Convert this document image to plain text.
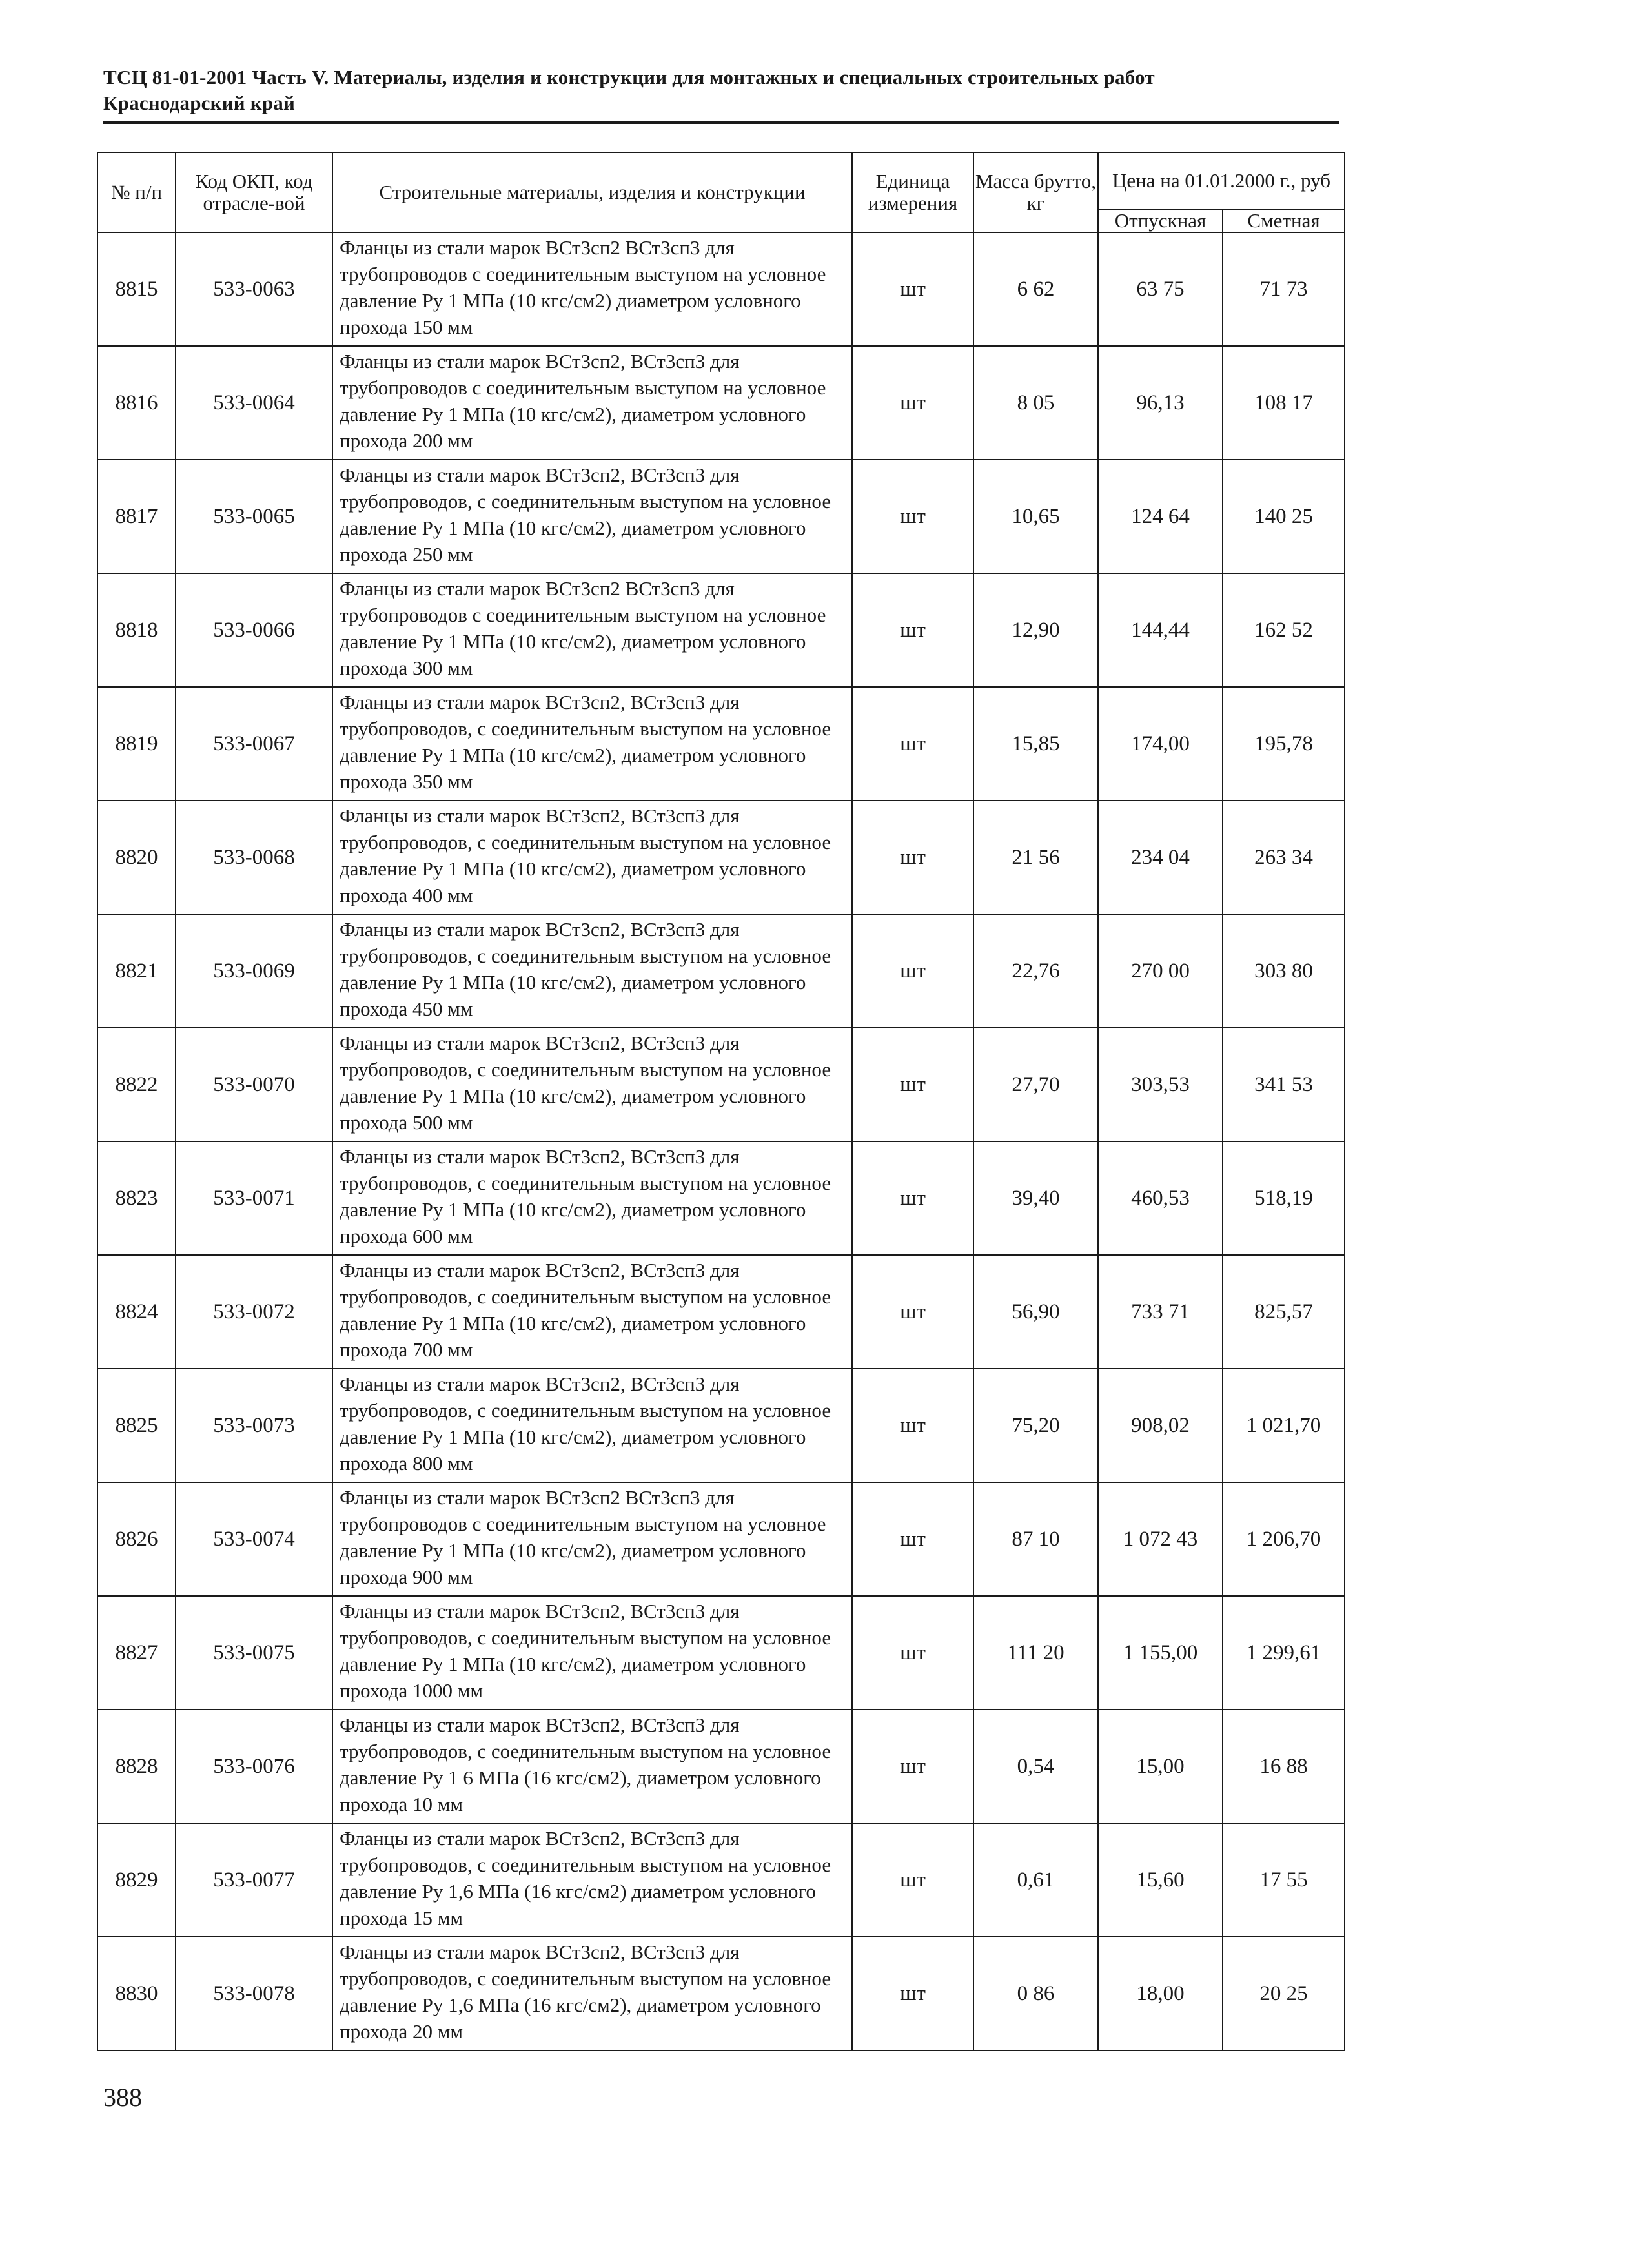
ТСЦ 81-01-2001 Часть V. Материалы, изделия и конструкции для монтажных и специальных строительных работ
Краснодарский край
№ п/п	Код ОКП, код отрасле-вой	Строительные материалы, изделия и конструкции	Единица измерения	Масса брутто, кг	Цена на 01.01.2000 г., руб	
					Отпускная	Сметная
8815	533-0063	Фланцы из стали марок ВСт3сп2 ВСт3сп3 для трубопроводов с соединительным выступом на условное давление Ру 1 МПа (10 кгс/см2) диаметром условного прохода 150 мм	шт	6 62	63 75	71 73
8816	533-0064	Фланцы из стали марок ВСт3сп2, ВСт3сп3 для трубопроводов с соединительным выступом на условное давление Ру 1 МПа (10 кгс/см2), диаметром условного прохода 200 мм	шт	8 05	96,13	108 17
8817	533-0065	Фланцы из стали марок ВСт3сп2, ВСт3сп3 для трубопроводов, с соединительным выступом на условное давление Ру 1 МПа (10 кгс/см2), диаметром условного прохода 250 мм	шт	10,65	124 64	140 25
8818	533-0066	Фланцы из стали марок ВСт3сп2 ВСт3сп3 для трубопроводов с соединительным выступом на условное давление Ру 1 МПа (10 кгс/см2), диаметром условного прохода 300 мм	шт	12,90	144,44	162 52
8819	533-0067	Фланцы из стали марок ВСт3сп2, ВСт3сп3 для трубопроводов, с соединительным выступом на условное давление Ру 1 МПа (10 кгс/см2), диаметром условного прохода 350 мм	шт	15,85	174,00	195,78
8820	533-0068	Фланцы из стали марок ВСт3сп2, ВСт3сп3 для трубопроводов, с соединительным выступом на условное давление Ру 1 МПа (10 кгс/см2), диаметром условного прохода 400 мм	шт	21 56	234 04	263 34
8821	533-0069	Фланцы из стали марок ВСт3сп2, ВСт3сп3 для трубопроводов, с соединительным выступом на условное давление Ру 1 МПа (10 кгс/см2), диаметром условного прохода 450 мм	шт	22,76	270 00	303 80
8822	533-0070	Фланцы из стали марок ВСт3сп2, ВСт3сп3 для трубопроводов, с соединительным выступом на условное давление Ру 1 МПа (10 кгс/см2), диаметром условного прохода 500 мм	шт	27,70	303,53	341 53
8823	533-0071	Фланцы из стали марок ВСт3сп2, ВСт3сп3 для трубопроводов, с соединительным выступом на условное давление Ру 1 МПа (10 кгс/см2), диаметром условного прохода 600 мм	шт	39,40	460,53	518,19
8824	533-0072	Фланцы из стали марок ВСт3сп2, ВСт3сп3 для трубопроводов, с соединительным выступом на условное давление Ру 1 МПа (10 кгс/см2), диаметром условного прохода 700 мм	шт	56,90	733 71	825,57
8825	533-0073	Фланцы из стали марок ВСт3сп2, ВСт3сп3 для трубопроводов, с соединительным выступом на условное давление Ру 1 МПа (10 кгс/см2), диаметром условного прохода 800 мм	шт	75,20	908,02	1 021,70
8826	533-0074	Фланцы из стали марок ВСт3сп2 ВСт3сп3 для трубопроводов с соединительным выступом на условное давление Ру 1 МПа (10 кгс/см2), диаметром условного прохода 900 мм	шт	87 10	1 072 43	1 206,70
8827	533-0075	Фланцы из стали марок ВСт3сп2, ВСт3сп3 для трубопроводов, с соединительным выступом на условное давление Ру 1 МПа (10 кгс/см2), диаметром условного прохода 1000 мм	шт	111 20	1 155,00	1 299,61
8828	533-0076	Фланцы из стали марок ВСт3сп2, ВСт3сп3 для трубопроводов, с соединительным выступом на условное давление Ру 1 6 МПа (16 кгс/см2), диаметром условного прохода 10 мм	шт	0,54	15,00	16 88
8829	533-0077	Фланцы из стали марок ВСт3сп2, ВСт3сп3 для трубопроводов, с соединительным выступом на условное давление Ру 1,6 МПа (16 кгс/см2) диаметром условного прохода 15 мм	шт	0,61	15,60	17 55
8830	533-0078	Фланцы из стали марок ВСт3сп2, ВСт3сп3 для трубопроводов, с соединительным выступом на условное давление Ру 1,6 МПа (16 кгс/см2), диаметром условного прохода 20 мм	шт	0 86	18,00	20 25
388
